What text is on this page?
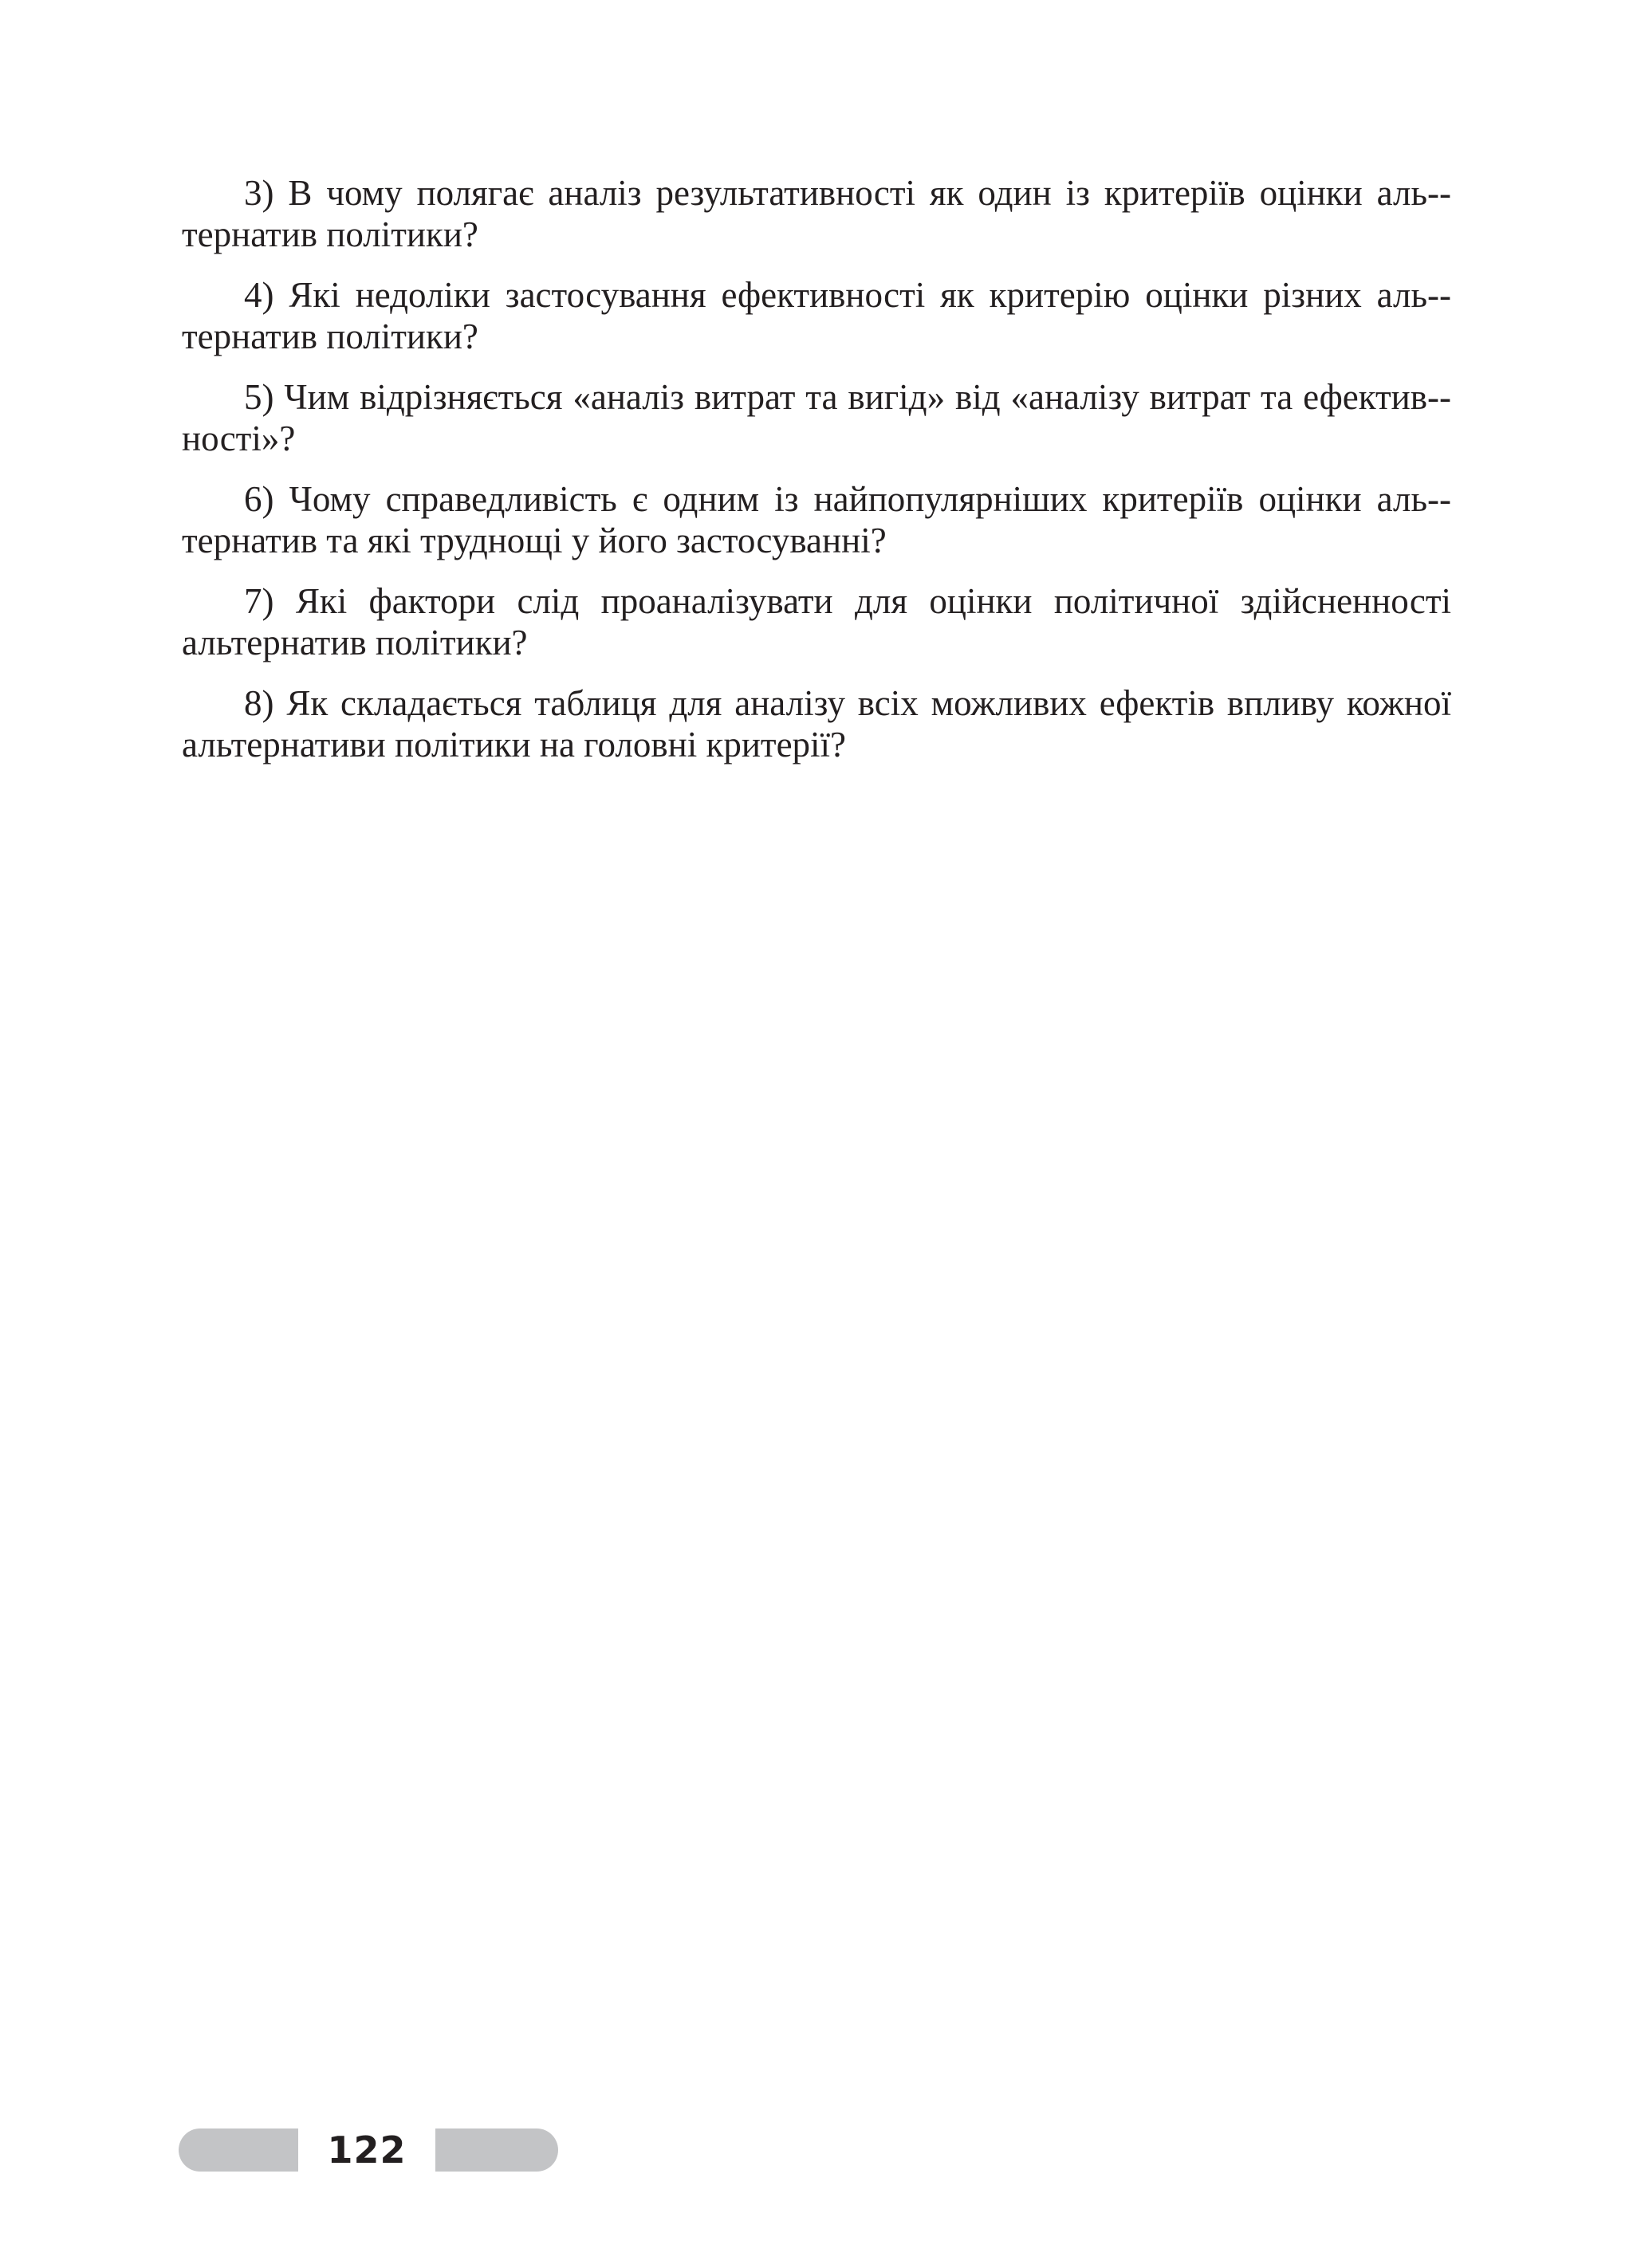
3) В чому полягає аналіз результативності як один із критеріїв оцінки аль-тернатив політики?

4) Які недоліки застосування ефективності як критерію оцінки різних аль-тернатив політики?

5) Чим відрізняється «аналіз витрат та вигід» від «аналізу витрат та ефектив-ності»?

6) Чому справедливість є одним із найпопулярніших критеріїв оцінки аль-тернатив та які труднощі у його застосуванні?

7) Які фактори слід проаналізувати для оцінки політичної здійсненності альтернатив політики?

8) Як складається таблиця для аналізу всіх можливих ефектів впливу кожної альтернативи політики на головні критерії?

122
